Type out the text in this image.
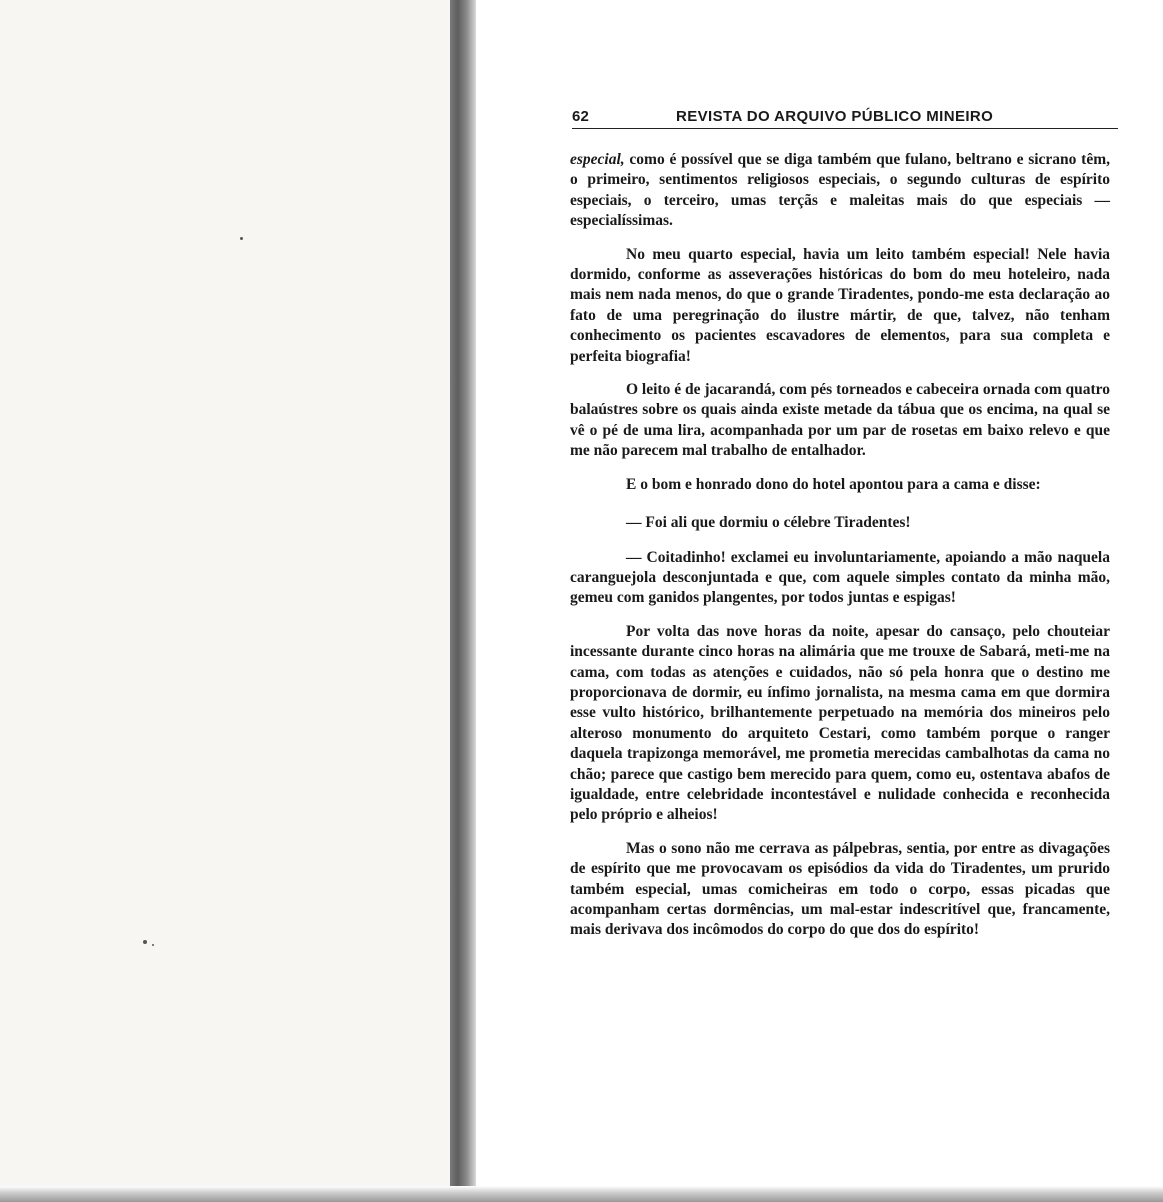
62	REVISTA DO ARQUIVO PÚBLICO MINEIRO

especial, como é possível que se diga também que fulano, beltrano e sicrano têm, o primeiro, sentimentos religiosos especiais, o segundo culturas de espírito especiais, o terceiro, umas terçãs e maleitas mais do que especiais — especialíssimas.

No meu quarto especial, havia um leito também especial! Nele havia dormido, conforme as asseverações históricas do bom do meu hoteleiro, nada mais nem nada menos, do que o grande Tiradentes, pondo-me esta declaração ao fato de uma peregrinação do ilustre mártir, de que, talvez, não tenham conhecimento os pacientes escavadores de elementos, para sua completa e perfeita biografia!

O leito é de jacarandá, com pés torneados e cabeceira ornada com quatro balaústres sobre os quais ainda existe metade da tábua que os encima, na qual se vê o pé de uma lira, acompanhada por um par de rosetas em baixo relevo e que me não parecem mal trabalho de entalhador.

E o bom e honrado dono do hotel apontou para a cama e disse:

— Foi ali que dormiu o célebre Tiradentes!

— Coitadinho! exclamei eu involuntariamente, apoiando a mão naquela caranguejola desconjuntada e que, com aquele simples contato da minha mão, gemeu com ganidos plangentes, por todos juntas e espigas!

Por volta das nove horas da noite, apesar do cansaço, pelo chouteiar incessante durante cinco horas na alimária que me trouxe de Sabará, meti-me na cama, com todas as atenções e cuidados, não só pela honra que o destino me proporcionava de dormir, eu ínfimo jornalista, na mesma cama em que dormira esse vulto histórico, brilhantemente perpetuado na memória dos mineiros pelo alteroso monumento do arquiteto Cestari, como também porque o ranger daquela trapizonga memorável, me prometia merecidas cambalhotas da cama no chão; parece que castigo bem merecido para quem, como eu, ostentava abafos de igualdade, entre celebridade incontestável e nulidade conhecida e reconhecida pelo próprio e alheios!

Mas o sono não me cerrava as pálpebras, sentia, por entre as divagações de espírito que me provocavam os episódios da vida do Tiradentes, um prurido também especial, umas comicheiras em todo o corpo, essas picadas que acompanham certas dormências, um mal-estar indescritível que, francamente, mais derivava dos incômodos do corpo do que dos do espírito!
